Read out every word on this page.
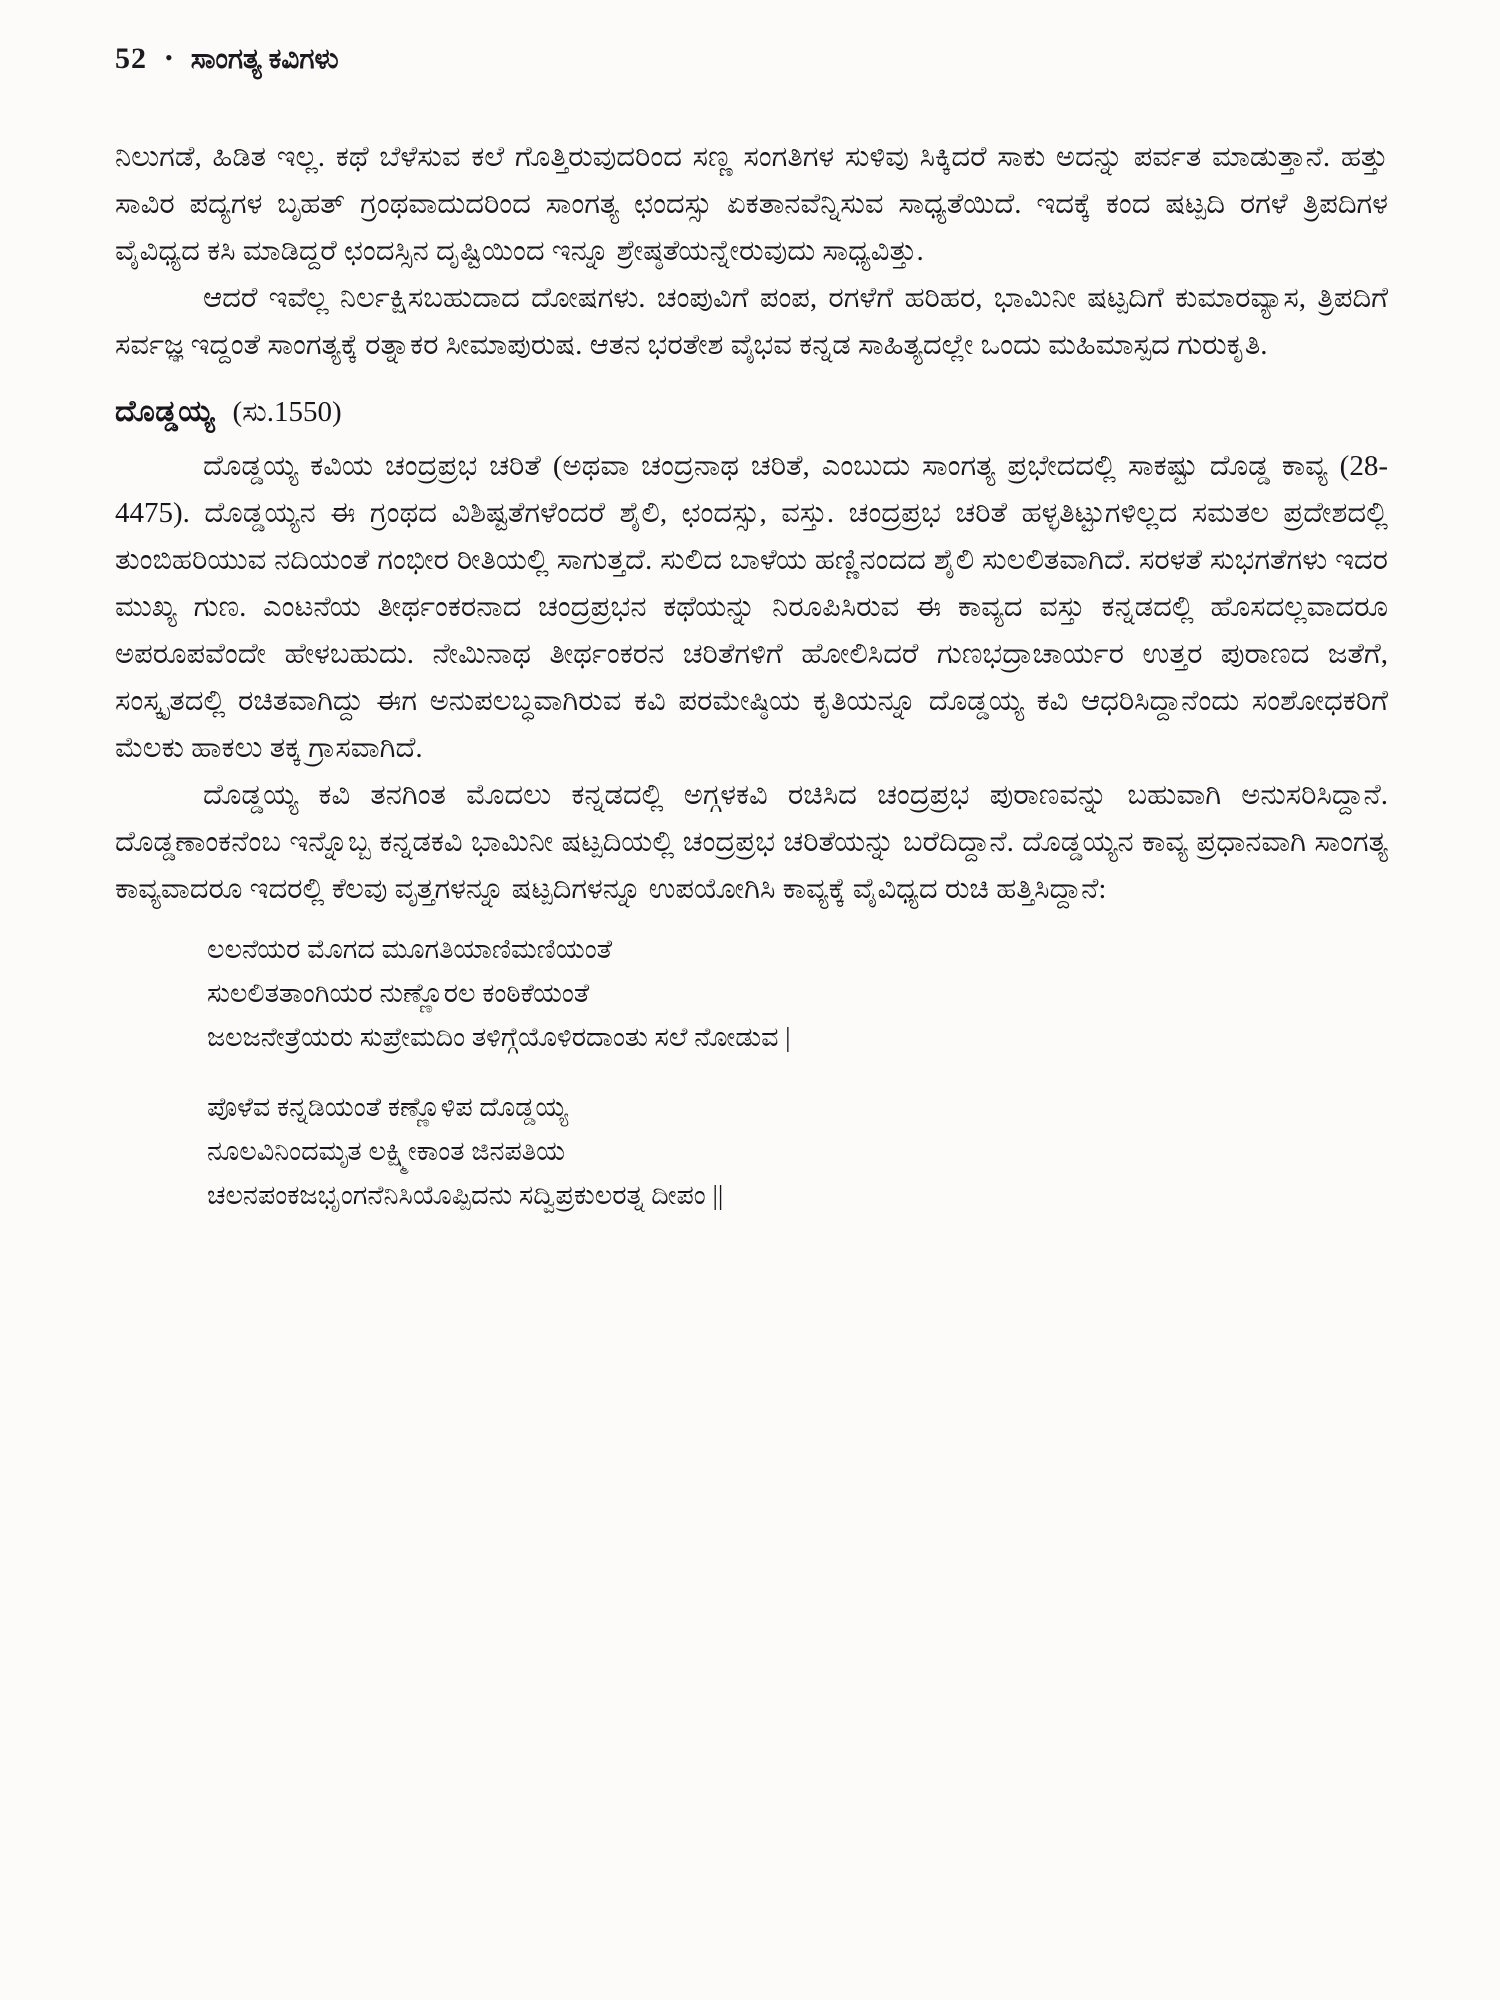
52 • ಸಾಂಗತ್ಯ ಕವಿಗಳು

ನಿಲುಗಡೆ, ಹಿಡಿತ ಇಲ್ಲ. ಕಥೆ ಬೆಳೆಸುವ ಕಲೆ ಗೊತ್ತಿರುವುದರಿಂದ ಸಣ್ಣ ಸಂಗತಿಗಳ ಸುಳಿವು ಸಿಕ್ಕಿದರೆ ಸಾಕು ಅದನ್ನು ಪರ್ವತ ಮಾಡುತ್ತಾನೆ. ಹತ್ತು ಸಾವಿರ ಪದ್ಯಗಳ ಬೃಹತ್ ಗ್ರಂಥವಾದುದರಿಂದ ಸಾಂಗತ್ಯ ಛಂದಸ್ಸು ಏಕತಾನವೆನ್ನಿಸುವ ಸಾಧ್ಯತೆಯಿದೆ. ಇದಕ್ಕೆ ಕಂದ ಷಟ್ಪದಿ ರಗಳೆ ತ್ರಿಪದಿಗಳ ವೈವಿಧ್ಯದ ಕಸಿ ಮಾಡಿದ್ದರೆ ಛಂದಸ್ಸಿನ ದೃಷ್ಟಿಯಿಂದ ಇನ್ನೂ ಶ್ರೇಷ್ಠತೆಯನ್ನೇರುವುದು ಸಾಧ್ಯವಿತ್ತು.

ಆದರೆ ಇವೆಲ್ಲ ನಿರ್ಲಕ್ಷಿಸಬಹುದಾದ ದೋಷಗಳು. ಚಂಪುವಿಗೆ ಪಂಪ, ರಗಳೆಗೆ ಹರಿಹರ, ಭಾಮಿನೀ ಷಟ್ಪದಿಗೆ ಕುಮಾರವ್ಯಾಸ, ತ್ರಿಪದಿಗೆ ಸರ್ವಜ್ಞ ಇದ್ದಂತೆ ಸಾಂಗತ್ಯಕ್ಕೆ ರತ್ನಾಕರ ಸೀಮಾಪುರುಷ. ಆತನ ಭರತೇಶ ವೈಭವ ಕನ್ನಡ ಸಾಹಿತ್ಯದಲ್ಲೇ ಒಂದು ಮಹಿಮಾಸ್ಪದ ಗುರುಕೃತಿ.

ದೊಡ್ಡಯ್ಯ (ಸು.1550)

ದೊಡ್ಡಯ್ಯ ಕವಿಯ ಚಂದ್ರಪ್ರಭ ಚರಿತೆ (ಅಥವಾ ಚಂದ್ರನಾಥ ಚರಿತೆ, ಎಂಬುದು ಸಾಂಗತ್ಯ ಪ್ರಭೇದದಲ್ಲಿ ಸಾಕಷ್ಟು ದೊಡ್ಡ ಕಾವ್ಯ (28-4475). ದೊಡ್ಡಯ್ಯನ ಈ ಗ್ರಂಥದ ವಿಶಿಷ್ಟತೆಗಳೆಂದರೆ ಶೈಲಿ, ಛಂದಸ್ಸು, ವಸ್ತು. ಚಂದ್ರಪ್ರಭ ಚರಿತೆ ಹಳ್ಳತಿಟ್ಟುಗಳಿಲ್ಲದ ಸಮತಲ ಪ್ರದೇಶದಲ್ಲಿ ತುಂಬಿಹರಿಯುವ ನದಿಯಂತೆ ಗಂಭೀರ ರೀತಿಯಲ್ಲಿ ಸಾಗುತ್ತದೆ. ಸುಲಿದ ಬಾಳೆಯ ಹಣ್ಣಿನಂದದ ಶೈಲಿ ಸುಲಲಿತವಾಗಿದೆ. ಸರಳತೆ ಸುಭಗತೆಗಳು ಇದರ ಮುಖ್ಯ ಗುಣ. ಎಂಟನೆಯ ತೀರ್ಥಂಕರನಾದ ಚಂದ್ರಪ್ರಭನ ಕಥೆಯನ್ನು ನಿರೂಪಿಸಿರುವ ಈ ಕಾವ್ಯದ ವಸ್ತು ಕನ್ನಡದಲ್ಲಿ ಹೊಸದಲ್ಲವಾದರೂ ಅಪರೂಪವೆಂದೇ ಹೇಳಬಹುದು. ನೇಮಿನಾಥ ತೀರ್ಥಂಕರನ ಚರಿತೆಗಳಿಗೆ ಹೋಲಿಸಿದರೆ ಗುಣಭದ್ರಾಚಾರ್ಯರ ಉತ್ತರ ಪುರಾಣದ ಜತೆಗೆ, ಸಂಸ್ಕೃತದಲ್ಲಿ ರಚಿತವಾಗಿದ್ದು ಈಗ ಅನುಪಲಬ್ಧವಾಗಿರುವ ಕವಿ ಪರಮೇಷ್ಠಿಯ ಕೃತಿಯನ್ನೂ ದೊಡ್ಡಯ್ಯ ಕವಿ ಆಧರಿಸಿದ್ದಾನೆಂದು ಸಂಶೋಧಕರಿಗೆ ಮೆಲಕು ಹಾಕಲು ತಕ್ಕ ಗ್ರಾಸವಾಗಿದೆ.

ದೊಡ್ಡಯ್ಯ ಕವಿ ತನಗಿಂತ ಮೊದಲು ಕನ್ನಡದಲ್ಲಿ ಅಗ್ಗಳಕವಿ ರಚಿಸಿದ ಚಂದ್ರಪ್ರಭ ಪುರಾಣವನ್ನು ಬಹುವಾಗಿ ಅನುಸರಿಸಿದ್ದಾನೆ. ದೊಡ್ಡಣಾಂಕನೆಂಬ ಇನ್ನೊಬ್ಬ ಕನ್ನಡಕವಿ ಭಾಮಿನೀ ಷಟ್ಪದಿಯಲ್ಲಿ ಚಂದ್ರಪ್ರಭ ಚರಿತೆಯನ್ನು ಬರೆದಿದ್ದಾನೆ. ದೊಡ್ಡಯ್ಯನ ಕಾವ್ಯ ಪ್ರಧಾನವಾಗಿ ಸಾಂಗತ್ಯ ಕಾವ್ಯವಾದರೂ ಇದರಲ್ಲಿ ಕೆಲವು ವೃತ್ತಗಳನ್ನೂ ಷಟ್ಪದಿಗಳನ್ನೂ ಉಪಯೋಗಿಸಿ ಕಾವ್ಯಕ್ಕೆ ವೈವಿಧ್ಯದ ರುಚಿ ಹತ್ತಿಸಿದ್ದಾನೆ:

ಲಲನೆಯರ ಮೊಗದ ಮೂಗತಿಯಾಣಿಮಣಿಯಂತೆ
ಸುಲಲಿತತಾಂಗಿಯರ ನುಣ್ಣೊರಲ ಕಂಠಿಕೆಯಂತೆ
ಜಲಜನೇತ್ರೆಯರು ಸುಪ್ರೇಮದಿಂ ತಳಿಗ್ಗೆಯೊಳಿರದಾಂತು ಸಲೆ ನೋಡುವ |
ಪೊಳೆವ ಕನ್ನಡಿಯಂತೆ ಕಣ್ಣೊಳಿಪ ದೊಡ್ಡಯ್ಯ
ನೂಲವಿನಿಂದಮೃತ ಲಕ್ಷ್ಮೀಕಾಂತ ಜಿನಪತಿಯ
ಚಲನಪಂಕಜಭೃಂಗನೆನಿಸಿಯೊಪ್ಪಿದನು ಸದ್ವಿಪ್ರಕುಲರತ್ನ ದೀಪಂ ||
